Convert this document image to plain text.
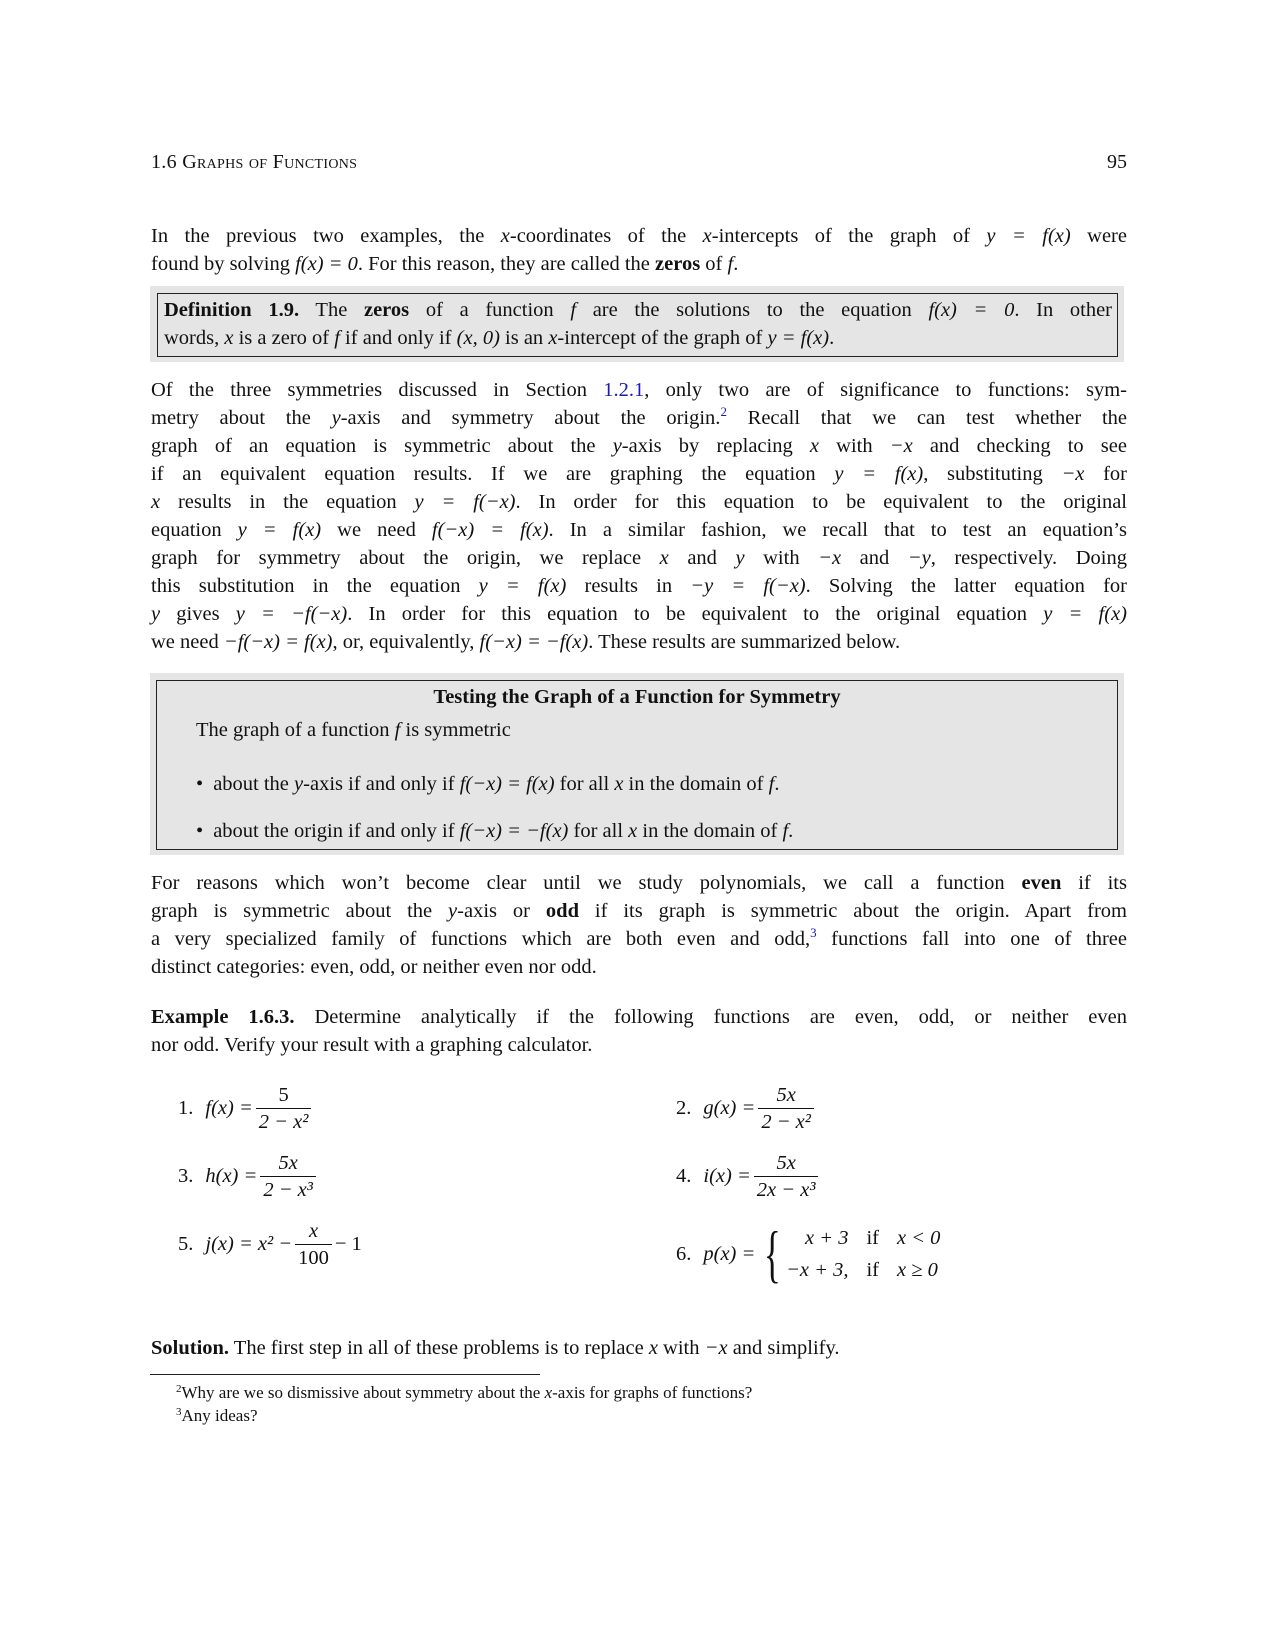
1.6 Graphs of Functions	95
In the previous two examples, the x-coordinates of the x-intercepts of the graph of y = f(x) were
found by solving f(x) = 0. For this reason, they are called the zeros of f.
Definition 1.9. The zeros of a function f are the solutions to the equation f(x) = 0. In other
words, x is a zero of f if and only if (x, 0) is an x-intercept of the graph of y = f(x).
Of the three symmetries discussed in Section 1.2.1, only two are of significance to functions: sym-
metry about the y-axis and symmetry about the origin.$^2$ Recall that we can test whether the
graph of an equation is symmetric about the y-axis by replacing x with −x and checking to see
if an equivalent equation results. If we are graphing the equation y = f(x), substituting −x for
x results in the equation y = f(−x). In order for this equation to be equivalent to the original
equation y = f(x) we need f(−x) = f(x). In a similar fashion, we recall that to test an equation’s
graph for symmetry about the origin, we replace x and y with −x and −y, respectively. Doing
this substitution in the equation y = f(x) results in −y = f(−x). Solving the latter equation for
y gives y = −f(−x). In order for this equation to be equivalent to the original equation y = f(x)
we need −f(−x) = f(x), or, equivalently, f(−x) = −f(x). These results are summarized below.
Testing the Graph of a Function for Symmetry
The graph of a function f is symmetric
• about the y-axis if and only if f(−x) = f(x) for all x in the domain of f.
• about the origin if and only if f(−x) = −f(x) for all x in the domain of f.
For reasons which won’t become clear until we study polynomials, we call a function even if its
graph is symmetric about the y-axis or odd if its graph is symmetric about the origin. Apart from
a very specialized family of functions which are both even and odd,$^3$ functions fall into one of three
distinct categories: even, odd, or neither even nor odd.
Example 1.6.3. Determine analytically if the following functions are even, odd, or neither even
nor odd. Verify your result with a graphing calculator.
1. $f(x) = \frac{5}{\text{2 − x²}}$	2. $g(x) = \frac{5x}{\text{2 − x²}}$
3. $h(x) = \frac{5x}{\text{2 − x³}}$	4. $i(x) = \frac{5x}{\text{2x − x³}}$
5. $j(x) = x^2 - \frac{x}{100} - 1$	6. p(x) = {	x + 3 if x < 0
−x + 3, if x ≥ 0
Solution. The first step in all of these problems is to replace x with −x and simplify.
$^2$Why are we so dismissive about symmetry about the x-axis for graphs of functions?
$^3$Any ideas?
